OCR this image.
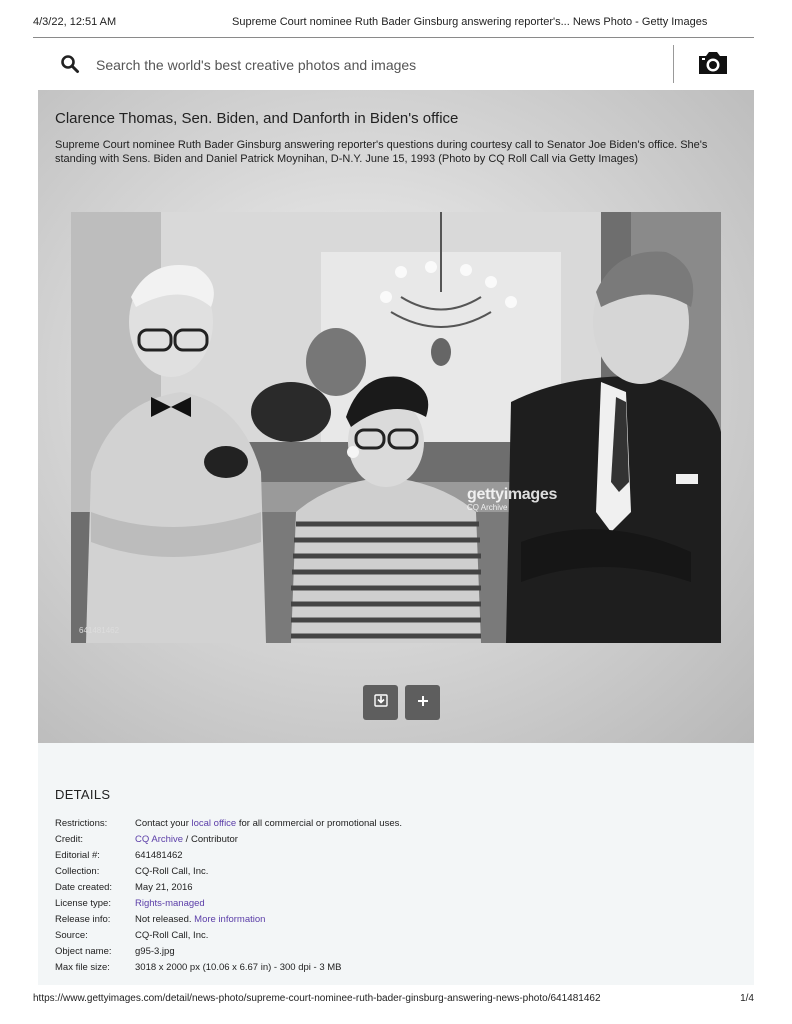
4/3/22, 12:51 AM	Supreme Court nominee Ruth Bader Ginsburg answering reporter's... News Photo - Getty Images
Search the world's best creative photos and images
Clarence Thomas, Sen. Biden, and Danforth in Biden's office
Supreme Court nominee Ruth Bader Ginsburg answering reporter's questions during courtesy call to Senator Joe Biden's office. She's standing with Sens. Biden and Daniel Patrick Moynihan, D-N.Y. June 15, 1993 (Photo by CQ Roll Call via Getty Images)
gettyimages
CQ Archive
641481462
DETAILS
Restrictions:	Contact your local office for all commercial or promotional uses.
Credit:	CQ Archive / Contributor
Editorial #:	641481462
Collection:	CQ-Roll Call, Inc.
Date created:	May 21, 2016
License type:	Rights-managed
Release info:	Not released. More information
Source:	CQ-Roll Call, Inc.
Object name:	g95-3.jpg
Max file size:	3018 x 2000 px (10.06 x 6.67 in) - 300 dpi - 3 MB
https://www.gettyimages.com/detail/news-photo/supreme-court-nominee-ruth-bader-ginsburg-answering-news-photo/641481462	1/4
